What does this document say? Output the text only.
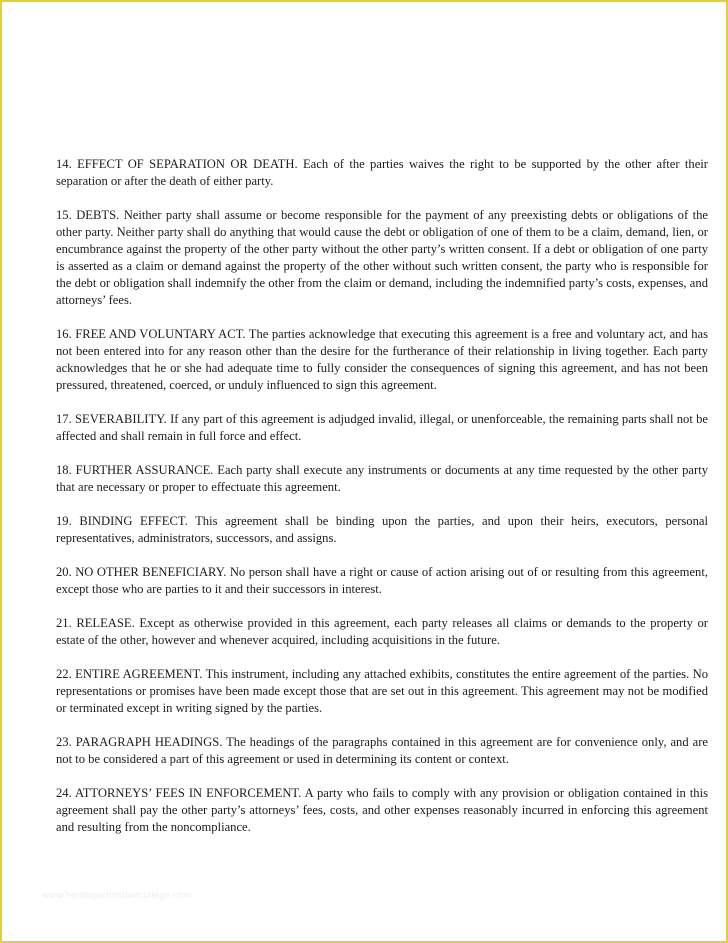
14. EFFECT OF SEPARATION OR DEATH. Each of the parties waives the right to be supported by the other after their separation or after the death of either party.

15. DEBTS. Neither party shall assume or become responsible for the payment of any preexisting debts or obligations of the other party. Neither party shall do anything that would cause the debt or obligation of one of them to be a claim, demand, lien, or encumbrance against the property of the other party without the other party’s written consent. If a debt or obligation of one party is asserted as a claim or demand against the property of the other without such written consent, the party who is responsible for the debt or obligation shall indemnify the other from the claim or demand, including the indemnified party’s costs, expenses, and attorneys’ fees.

16. FREE AND VOLUNTARY ACT. The parties acknowledge that executing this agreement is a free and voluntary act, and has not been entered into for any reason other than the desire for the furtherance of their relationship in living together. Each party acknowledges that he or she had adequate time to fully consider the consequences of signing this agreement, and has not been pressured, threatened, coerced, or unduly influenced to sign this agreement.

17. SEVERABILITY. If any part of this agreement is adjudged invalid, illegal, or unenforceable, the remaining parts shall not be affected and shall remain in full force and effect.

18. FURTHER ASSURANCE. Each party shall execute any instruments or documents at any time requested by the other party that are necessary or proper to effectuate this agreement.

19. BINDING EFFECT. This agreement shall be binding upon the parties, and upon their heirs, executors, personal representatives, administrators, successors, and assigns.

20. NO OTHER BENEFICIARY. No person shall have a right or cause of action arising out of or resulting from this agreement, except those who are parties to it and their successors in interest.

21. RELEASE. Except as otherwise provided in this agreement, each party releases all claims or demands to the property or estate of the other, however and whenever acquired, including acquisitions in the future.

22. ENTIRE AGREEMENT. This instrument, including any attached exhibits, constitutes the entire agreement of the parties. No representations or promises have been made except those that are set out in this agreement. This agreement may not be modified or terminated except in writing signed by the parties.

23. PARAGRAPH HEADINGS. The headings of the paragraphs contained in this agreement are for convenience only, and are not to be considered a part of this agreement or used in determining its content or context.

24. ATTORNEYS’ FEES IN ENFORCEMENT. A party who fails to comply with any provision or obligation contained in this agreement shall pay the other party’s attorneys’ fees, costs, and other expenses reasonably incurred in enforcing this agreement and resulting from the noncompliance.

www.heritagechristiancollege.com
